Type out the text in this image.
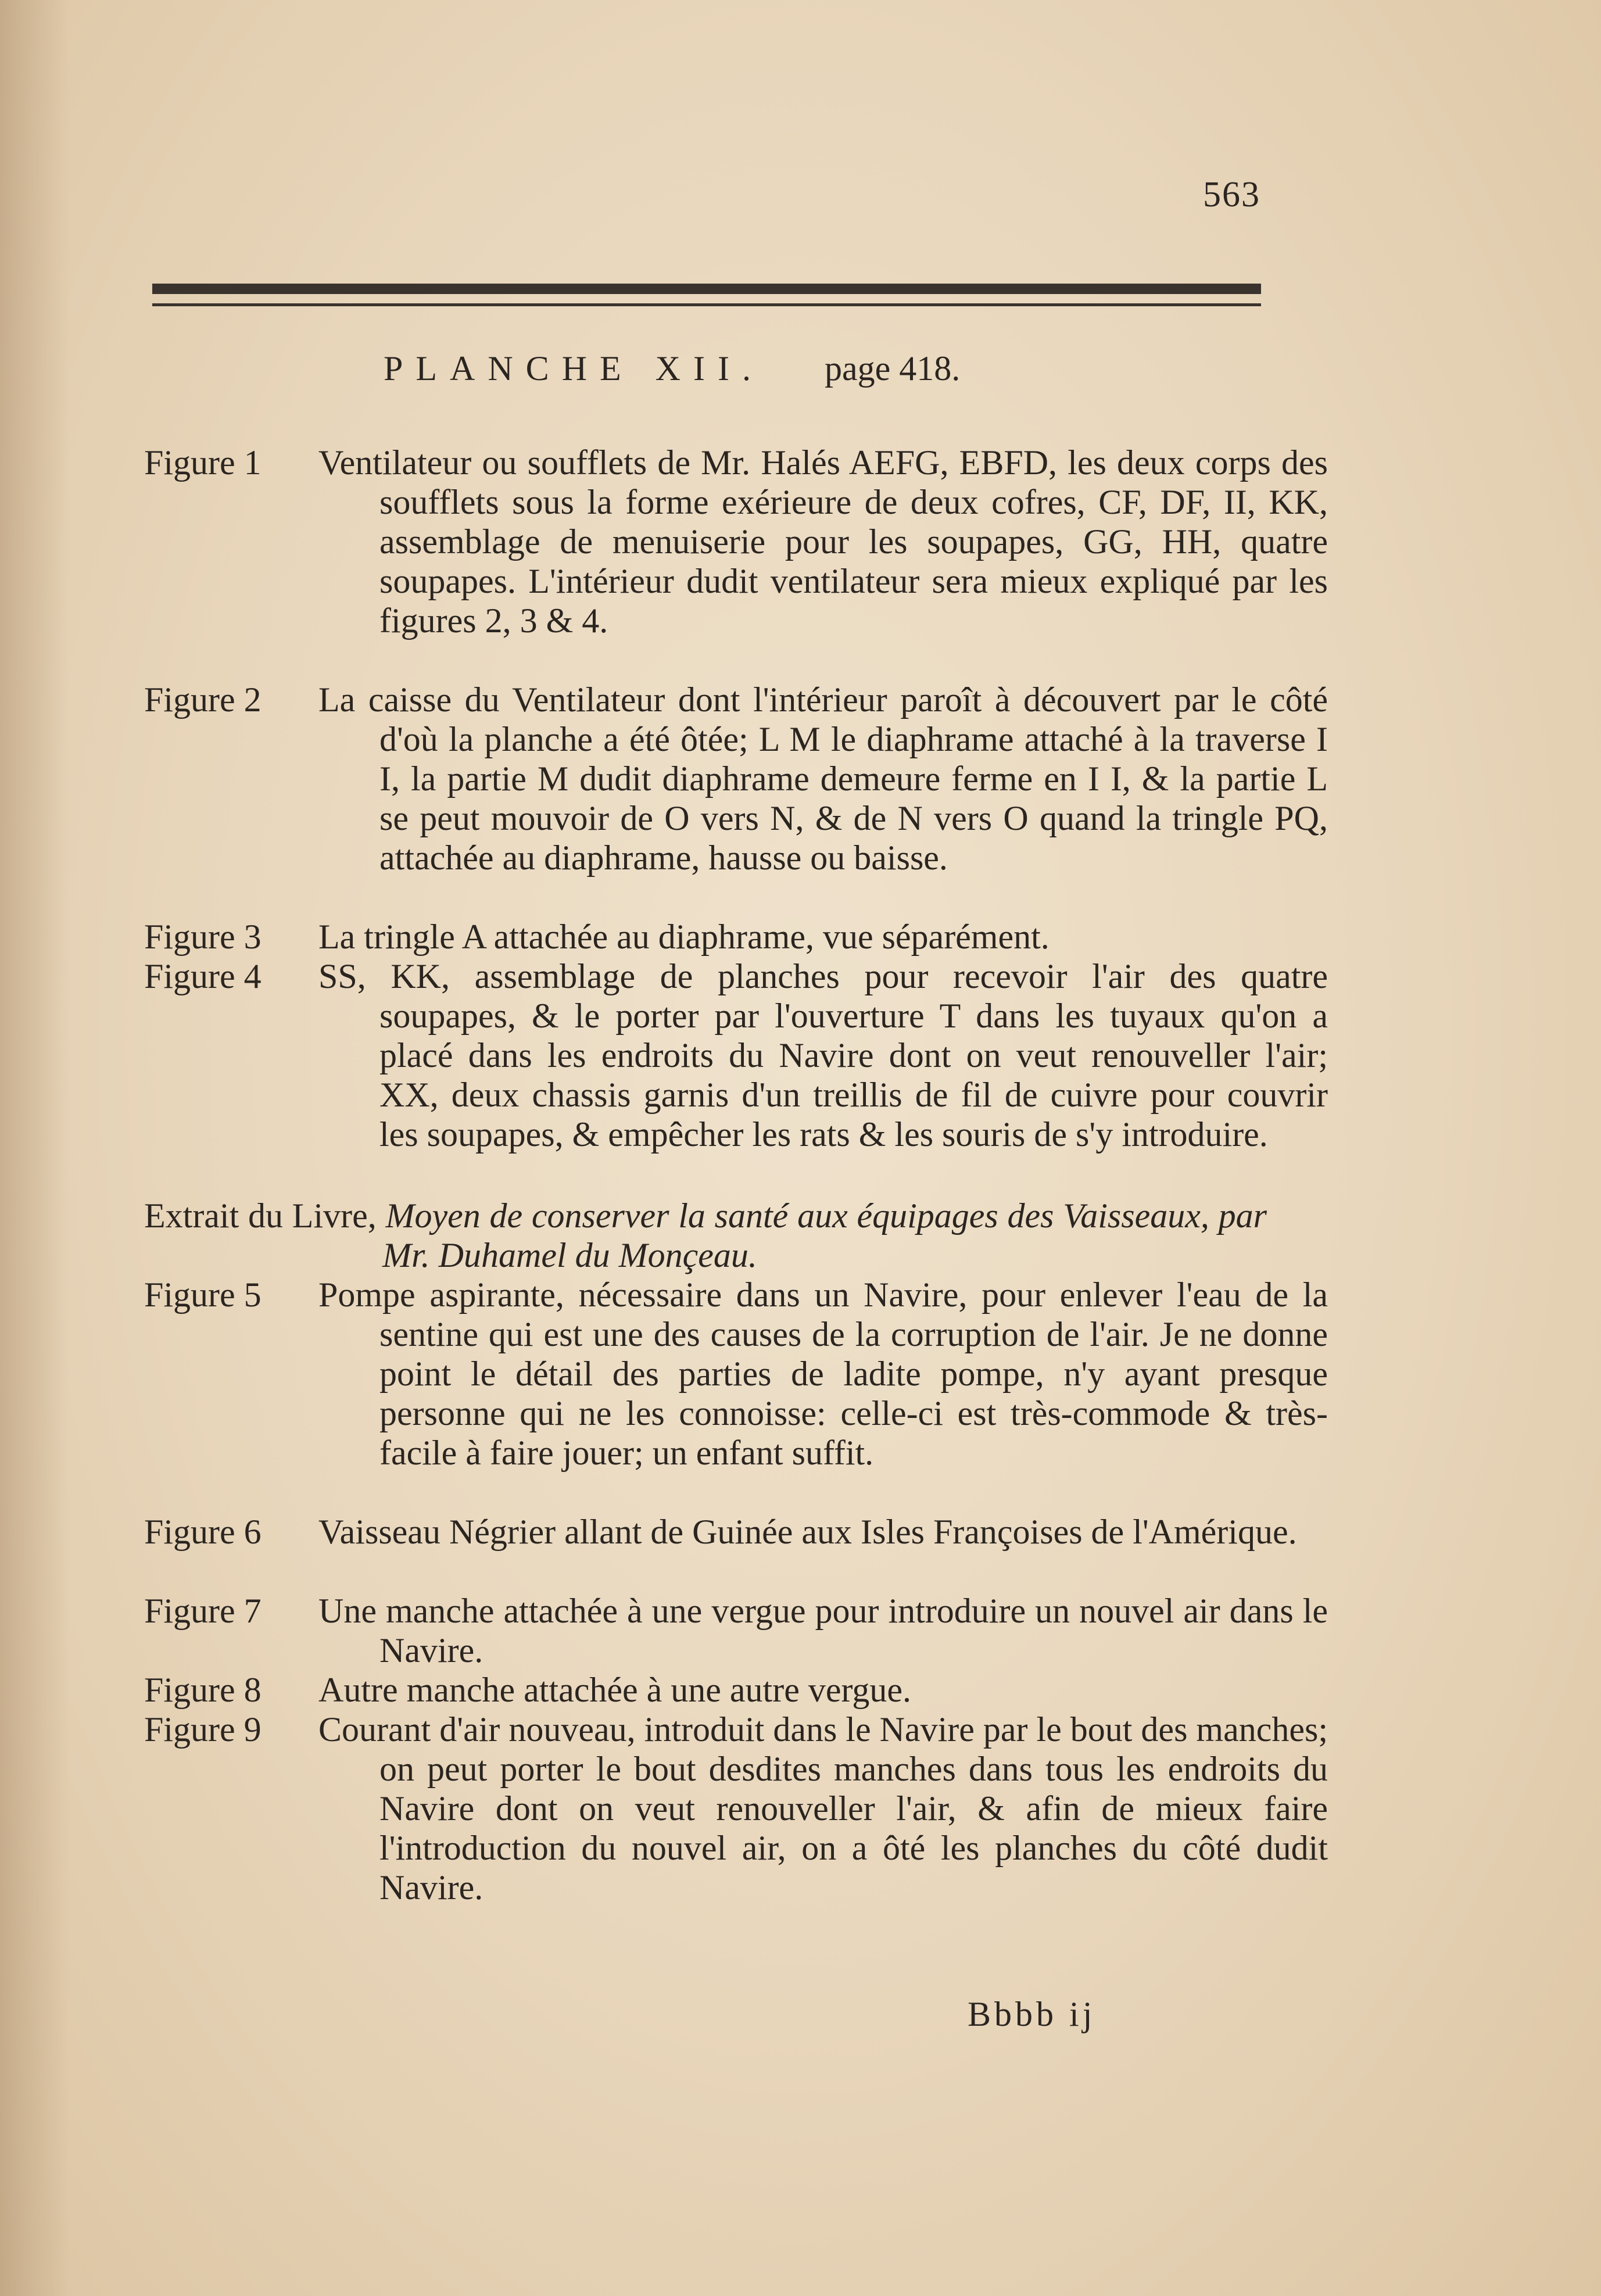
563
PLANCHE XII. page 418.
Figure 1	Ventilateur ou soufflets de Mr. Halés AEFG, EBFD, les deux corps des soufflets sous la forme exérieure de deux cofres, CF, DF, II, KK, assemblage de menuiserie pour les soupapes, GG, HH, quatre soupapes. L'intérieur dudit ventilateur sera mieux expliqué par les figures 2, 3 & 4.
Figure 2	La caisse du Ventilateur dont l'intérieur paroît à découvert par le côté d'où la planche a été ôtée; L M le diaphrame attaché à la traverse I I, la partie M dudit diaphrame demeure ferme en I I, & la partie L se peut mouvoir de O vers N, & de N vers O quand la tringle PQ, attachée au diaphrame, hausse ou baisse.
Figure 3	La tringle A attachée au diaphrame, vue séparément.
Figure 4	SS, KK, assemblage de planches pour recevoir l'air des quatre soupapes, & le porter par l'ouverture T dans les tuyaux qu'on a placé dans les endroits du Navire dont on veut renouveller l'air; XX, deux chassis garnis d'un treillis de fil de cuivre pour couvrir les soupapes, & empêcher les rats & les souris de s'y introduire.
Extrait du Livre, Moyen de conserver la santé aux équipages des Vaisseaux, par Mr. Duhamel du Monçeau.
Figure 5	Pompe aspirante, nécessaire dans un Navire, pour enlever l'eau de la sentine qui est une des causes de la corruption de l'air. Je ne donne point le détail des parties de ladite pompe, n'y ayant presque personne qui ne les connoisse: celle-ci est très-commode & très-facile à faire jouer; un enfant suffit.
Figure 6	Vaisseau Négrier allant de Guinée aux Isles Françoises de l'Amérique.
Figure 7	Une manche attachée à une vergue pour introduire un nouvel air dans le Navire.
Figure 8	Autre manche attachée à une autre vergue.
Figure 9	Courant d'air nouveau, introduit dans le Navire par le bout des manches; on peut porter le bout desdites manches dans tous les endroits du Navire dont on veut renouveller l'air, & afin de mieux faire l'introduction du nouvel air, on a ôté les planches du côté dudit Navire.
Bbbb ij
